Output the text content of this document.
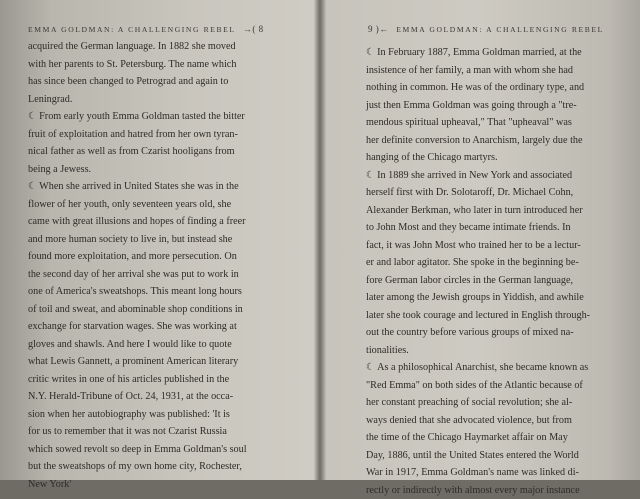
EMMA GOLDMAN: A CHALLENGING REBEL →( 8
acquired the German language. In 1882 she moved
with her parents to St. Petersburg. The name which
has since been changed to Petrograd and again to
Leningrad.
☾ From early youth Emma Goldman tasted the bitter
fruit of exploitation and hatred from her own tyran-
nical father as well as from Czarist hooligans from
being a Jewess.
☾ When she arrived in United States she was in the
flower of her youth, only seventeen years old, she
came with great illusions and hopes of finding a freer
and more human society to live in, but instead she
found more exploitation, and more persecution. On
the second day of her arrival she was put to work in
one of America's sweatshops. This meant long hours
of toil and sweat, and abominable shop conditions in
exchange for starvation wages. She was working at
gloves and shawls. And here I would like to quote
what Lewis Gannett, a prominent American literary
critic writes in one of his articles published in the
N.Y. Herald-Tribune of Oct. 24, 1931, at the occa-
sion when her autobiography was published: 'It is
for us to remember that it was not Czarist Russia
which sowed revolt so deep in Emma Goldman's soul
but the sweatshops of my own home city, Rochester,
New York'
9 )← EMMA GOLDMAN: A CHALLENGING REBEL
☾ In February 1887, Emma Goldman married, at the
insistence of her family, a man with whom she had
nothing in common. He was of the ordinary type, and
just then Emma Goldman was going through a "tre-
mendous spiritual upheaval," That "upheaval" was
her definite conversion to Anarchism, largely due the
hanging of the Chicago martyrs.
☾ In 1889 she arrived in New York and associated
herself first with Dr. Solotaroff, Dr. Michael Cohn,
Alexander Berkman, who later in turn introduced her
to John Most and they became intimate friends. In
fact, it was John Most who trained her to be a lectur-
er and labor agitator. She spoke in the beginning be-
fore German labor circles in the German language,
later among the Jewish groups in Yiddish, and awhile
later she took courage and lectured in English through-
out the country before various groups of mixed na-
tionalities.
☾ As a philosophical Anarchist, she became known as
"Red Emma" on both sides of the Atlantic because of
her constant preaching of social revolution; she al-
ways denied that she advocated violence, but from
the time of the Chicago Haymarket affair on May
Day, 1886, until the United States entered the World
War in 1917, Emma Goldman's name was linked di-
rectly or indirectly with almost every major instance
